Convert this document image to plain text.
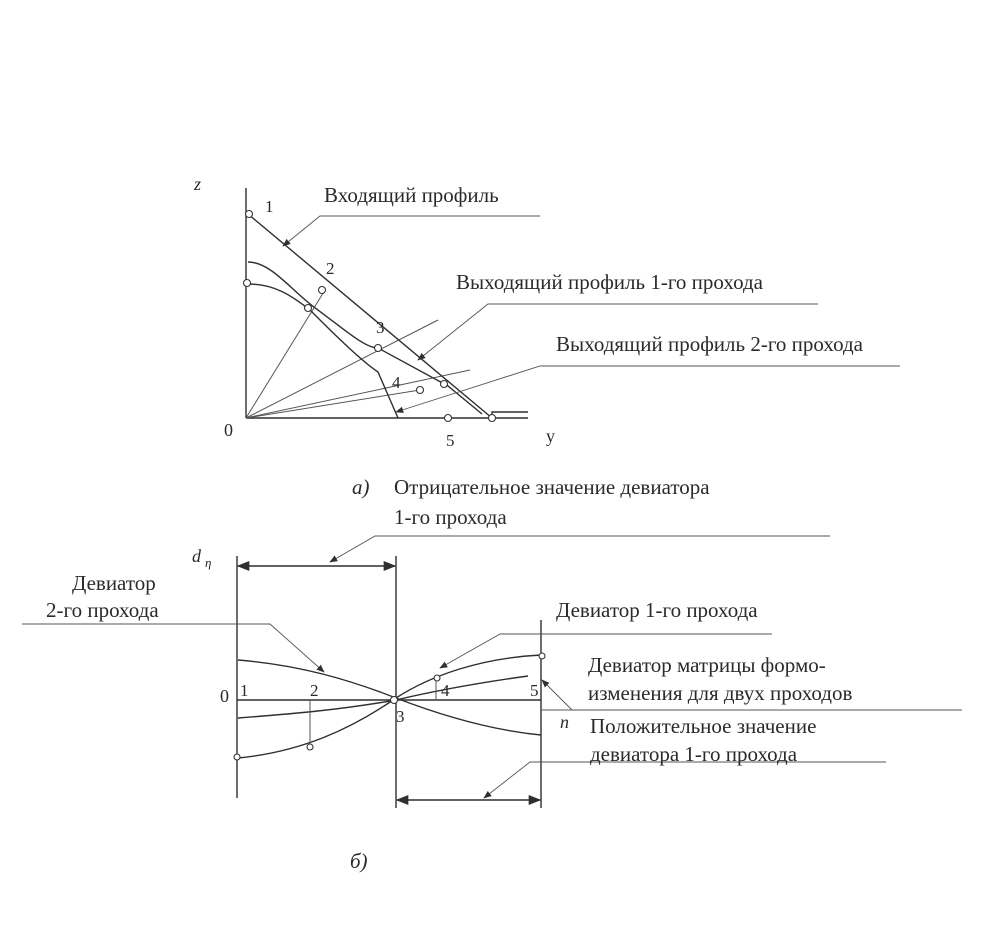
z
y
0
1
2
3
4
5
Входящий профиль
Выходящий профиль 1-го прохода
Выходящий профиль 2-го прохода
а) Отрицательное значение девиатора
1-го прохода
d η
0
n
1	2
3
4	5
Девиатор
2-го прохода	Девиатор 1-го прохода
Девиатор матрицы формо-
изменения для двух проходов
Положительное значение
девиатора 1-го прохода
б)
